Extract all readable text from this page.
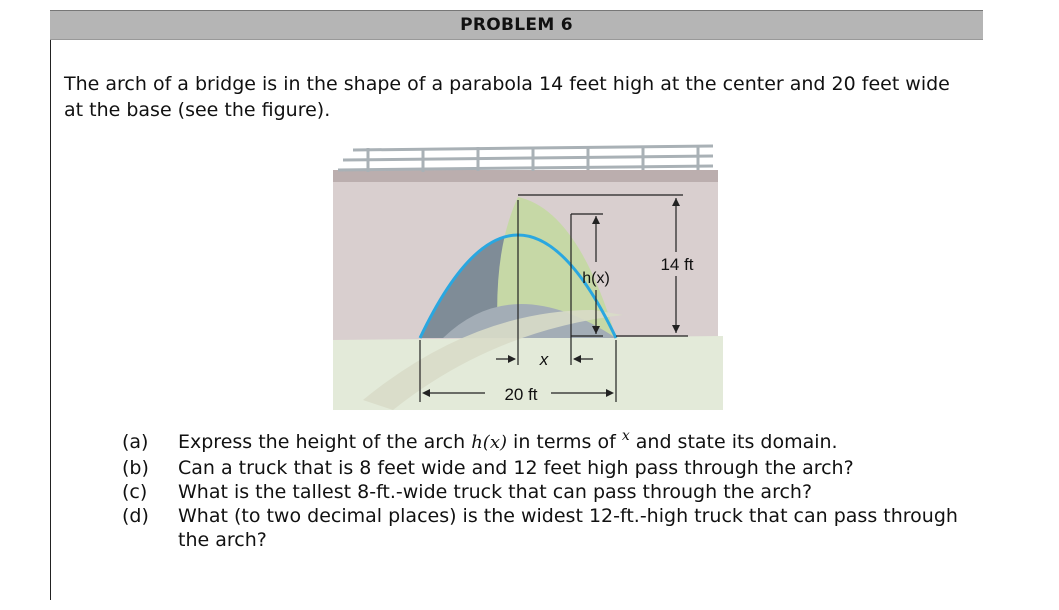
PROBLEM 6
The arch of a bridge is in the shape of a parabola 14 feet high at the center and 20 feet wide at the base (see the figure).
14 ft
20 ft
h(x)
x
(a)	Express the height of the arch h(x) in terms of $^x$ and state its domain.
(b)	Can a truck that is 8 feet wide and 12 feet high pass through the arch?
(c)	What is the tallest 8-ft.-wide truck that can pass through the arch?
(d)	What (to two decimal places) is the widest 12-ft.-high truck that can pass through the arch?
